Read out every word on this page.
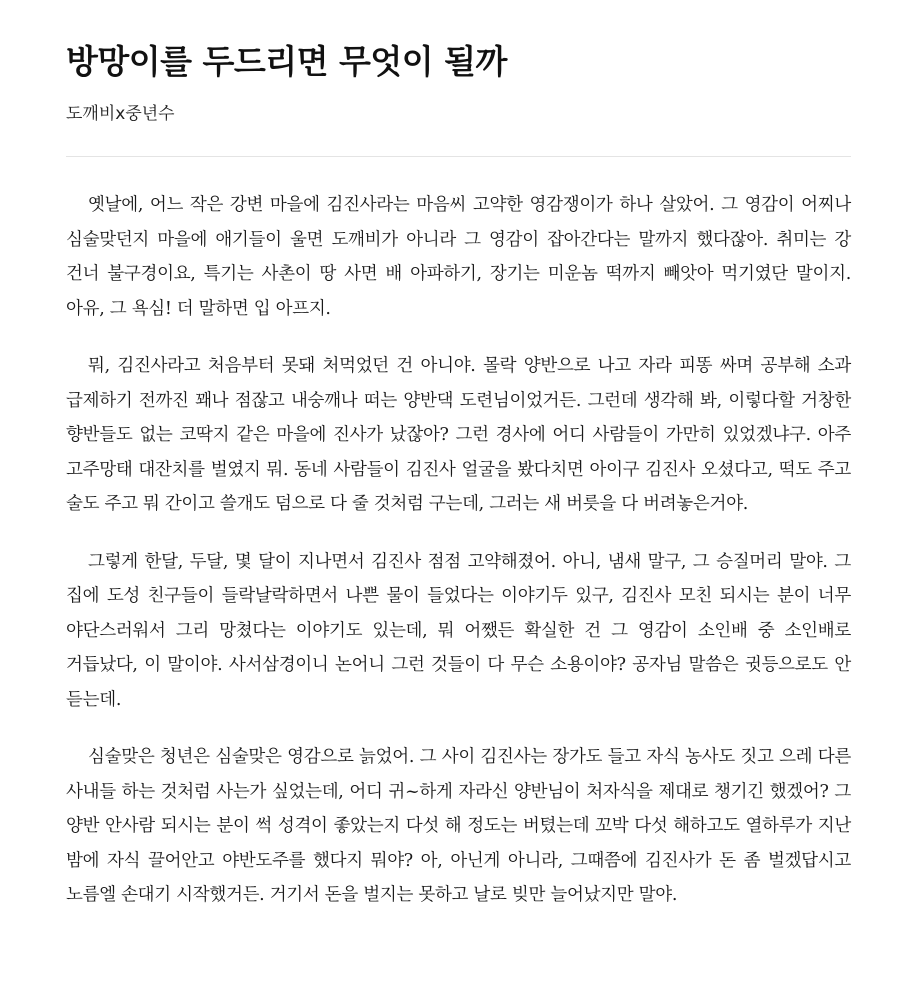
방망이를 두드리면 무엇이 될까
도깨비x중년수

옛날에, 어느 작은 강변 마을에 김진사라는 마음씨 고약한 영감쟁이가 하나 살았어. 그 영감이 어찌나 심술맞던지 마을에 애기들이 울면 도깨비가 아니라 그 영감이 잡아간다는 말까지 했다잖아. 취미는 강 건너 불구경이요, 특기는 사촌이 땅 사면 배 아파하기, 장기는 미운놈 떡까지 빼앗아 먹기였단 말이지. 아유, 그 욕심! 더 말하면 입 아프지.

뭐, 김진사라고 처음부터 못돼 처먹었던 건 아니야. 몰락 양반으로 나고 자라 피똥 싸며 공부해 소과 급제하기 전까진 꽤나 점잖고 내숭깨나 떠는 양반댁 도련님이었거든. 그런데 생각해 봐, 이렇다할 거창한 향반들도 없는 코딱지 같은 마을에 진사가 났잖아? 그런 경사에 어디 사람들이 가만히 있었겠냐구. 아주 고주망태 대잔치를 벌였지 뭐. 동네 사람들이 김진사 얼굴을 봤다치면 아이구 김진사 오셨다고, 떡도 주고 술도 주고 뭐 간이고 쓸개도 덤으로 다 줄 것처럼 구는데, 그러는 새 버릇을 다 버려놓은거야.

그렇게 한달, 두달, 몇 달이 지나면서 김진사 점점 고약해졌어. 아니, 냄새 말구, 그 승질머리 말야. 그 집에 도성 친구들이 들락날락하면서 나쁜 물이 들었다는 이야기두 있구, 김진사 모친 되시는 분이 너무 야단스러워서 그리 망쳤다는 이야기도 있는데, 뭐 어쨌든 확실한 건 그 영감이 소인배 중 소인배로 거듭났다, 이 말이야. 사서삼경이니 논어니 그런 것들이 다 무슨 소용이야? 공자님 말씀은 귓등으로도 안 듣는데.

심술맞은 청년은 심술맞은 영감으로 늙었어. 그 사이 김진사는 장가도 들고 자식 농사도 짓고 으레 다른 사내들 하는 것처럼 사는가 싶었는데, 어디 귀~하게 자라신 양반님이 처자식을 제대로 챙기긴 했겠어? 그 양반 안사람 되시는 분이 썩 성격이 좋았는지 다섯 해 정도는 버텼는데 꼬박 다섯 해하고도 열하루가 지난 밤에 자식 끌어안고 야반도주를 했다지 뭐야? 아, 아닌게 아니라, 그때쯤에 김진사가 돈 좀 벌겠답시고 노름엘 손대기 시작했거든. 거기서 돈을 벌지는 못하고 날로 빚만 늘어났지만 말야.
